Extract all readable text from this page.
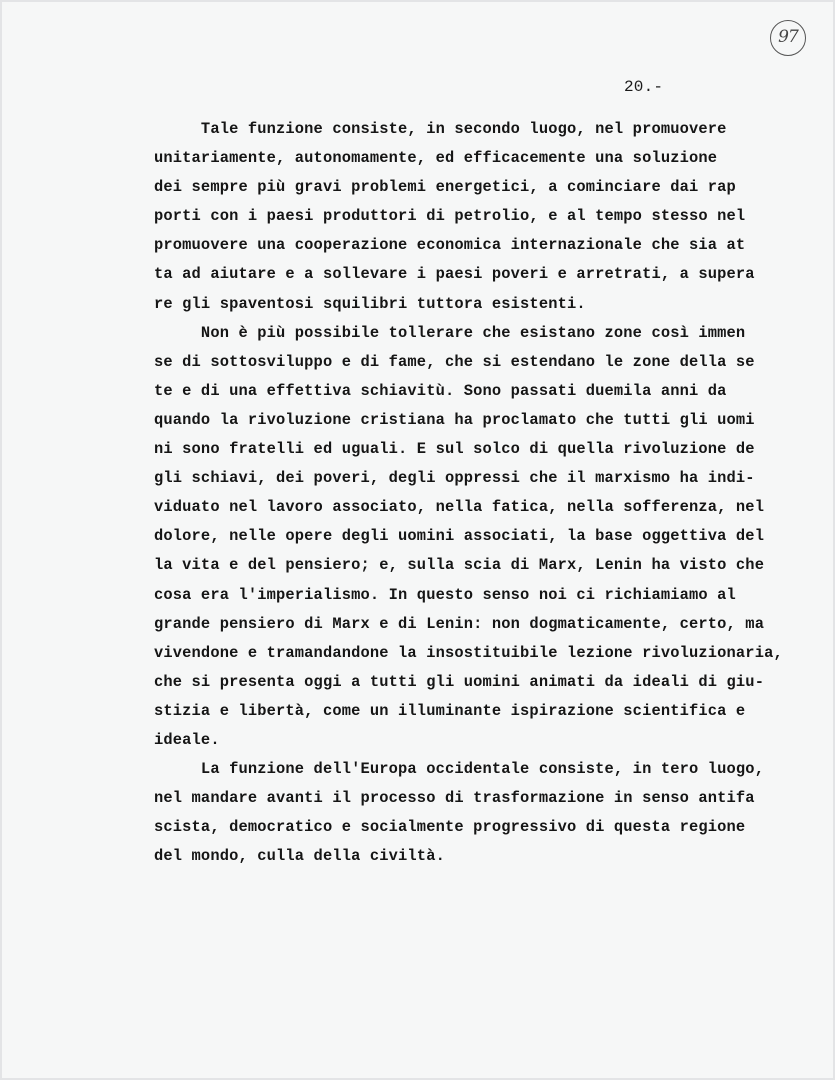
97
20.-
Tale funzione consiste, in secondo luogo, nel promuovere
unitariamente, autonomamente, ed efficacemente una soluzione
dei sempre più gravi problemi energetici, a cominciare dai rap
porti con i paesi produttori di petrolio, e al tempo stesso nel
promuovere una cooperazione economica internazionale che sia at
ta ad aiutare e a sollevare i paesi poveri e arretrati, a supera
re gli spaventosi squilibri tuttora esistenti.
Non è più possibile tollerare che esistano zone così immen
se di sottosviluppo e di fame, che si estendano le zone della se
te e di una effettiva schiavitù. Sono passati duemila anni da
quando la rivoluzione cristiana ha proclamato che tutti gli uomi
ni sono fratelli ed uguali. E sul solco di quella rivoluzione de
gli schiavi, dei poveri, degli oppressi che il marxismo ha indi-
viduato nel lavoro associato, nella fatica, nella sofferenza, nel
dolore, nelle opere degli uomini associati, la base oggettiva del
la vita e del pensiero; e, sulla scia di Marx, Lenin ha visto che
cosa era l'imperialismo. In questo senso noi ci richiamiamo al
grande pensiero di Marx e di Lenin: non dogmaticamente, certo, ma
vivendone e tramandandone la insostituibile lezione rivoluzionaria,
che si presenta oggi a tutti gli uomini animati da ideali di giu-
stizia e libertà, come un illuminante ispirazione scientifica e
ideale.
La funzione dell'Europa occidentale consiste, in tero luogo,
nel mandare avanti il processo di trasformazione in senso antifa
scista, democratico e socialmente progressivo di questa regione
del mondo, culla della civiltà.
